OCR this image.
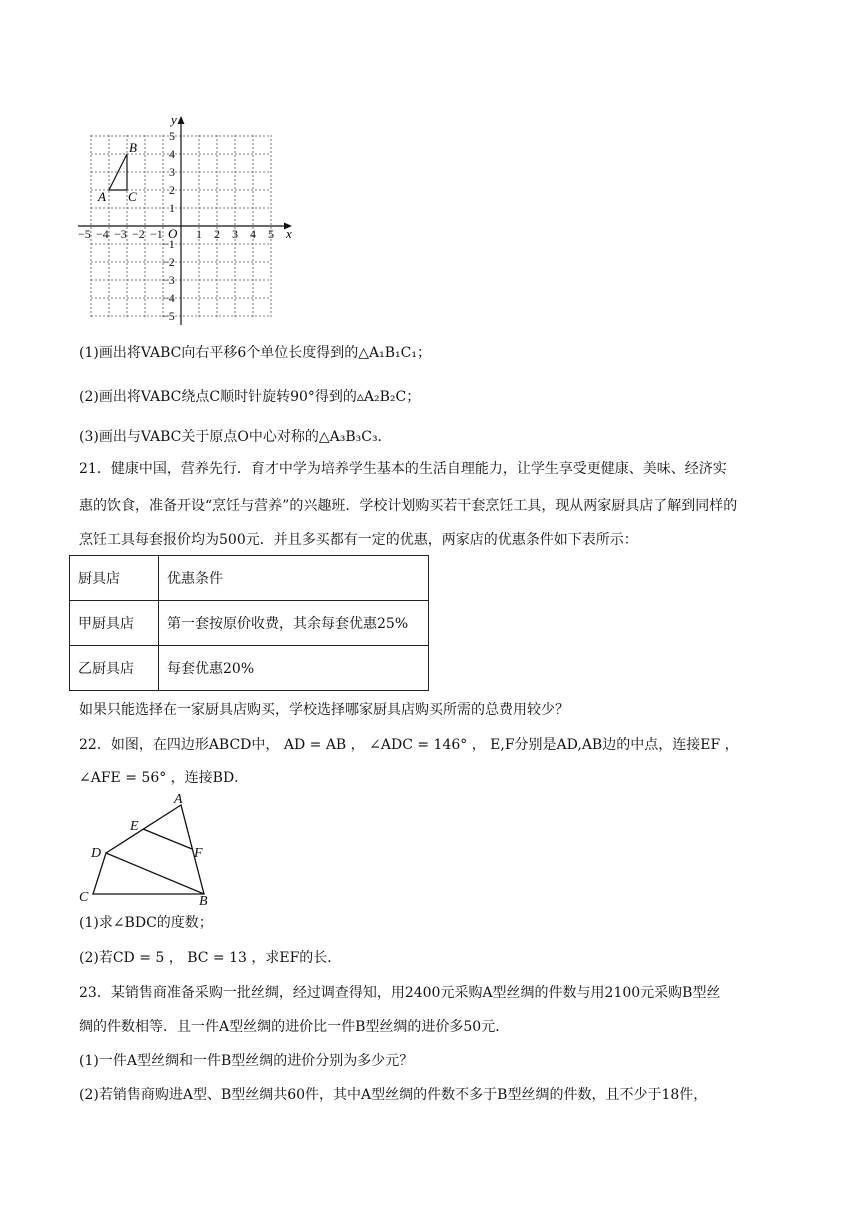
y
x
O
−5 −4 −3 −2 −1	1 2 3 4 5
5
4
3
2
1
−1
−2
−3
−4
−5
A
B
C
(1)画出将VABC向右平移6个单位长度得到的△A₁B₁C₁；
(2)画出将VABC绕点C顺时针旋转90°得到的▵A₂B₂C；
(3)画出与VABC关于原点O中心对称的△A₃B₃C₃．
21．健康中国，营养先行．育才中学为培养学生基本的生活自理能力，让学生享受更健康、美味、经济实
惠的饮食，准备开设“烹饪与营养”的兴趣班．学校计划购买若干套烹饪工具，现从两家厨具店了解到同样的
烹饪工具每套报价均为500元．并且多买都有一定的优惠，两家店的优惠条件如下表所示：
厨具店	优惠条件
甲厨具店	第一套按原价收费，其余每套优惠25%
乙厨具店	每套优惠20%
如果只能选择在一家厨具店购买，学校选择哪家厨具店购买所需的总费用较少？
22．如图，在四边形ABCD中， AD = AB ， ∠ADC = 146° ， E,F分别是AD,AB边的中点，连接EF ，
∠AFE = 56° ，连接BD．
A
E
D	F
C	B
(1)求∠BDC的度数；
(2)若CD = 5 ， BC = 13 ，求EF的长．
23．某销售商准备采购一批丝绸，经过调查得知，用2400元采购A型丝绸的件数与用2100元采购B型丝
绸的件数相等．且一件A型丝绸的进价比一件B型丝绸的进价多50元．
(1)一件A型丝绸和一件B型丝绸的进价分别为多少元？
(2)若销售商购进A型、B型丝绸共60件，其中A型丝绸的件数不多于B型丝绸的件数，且不少于18件，
